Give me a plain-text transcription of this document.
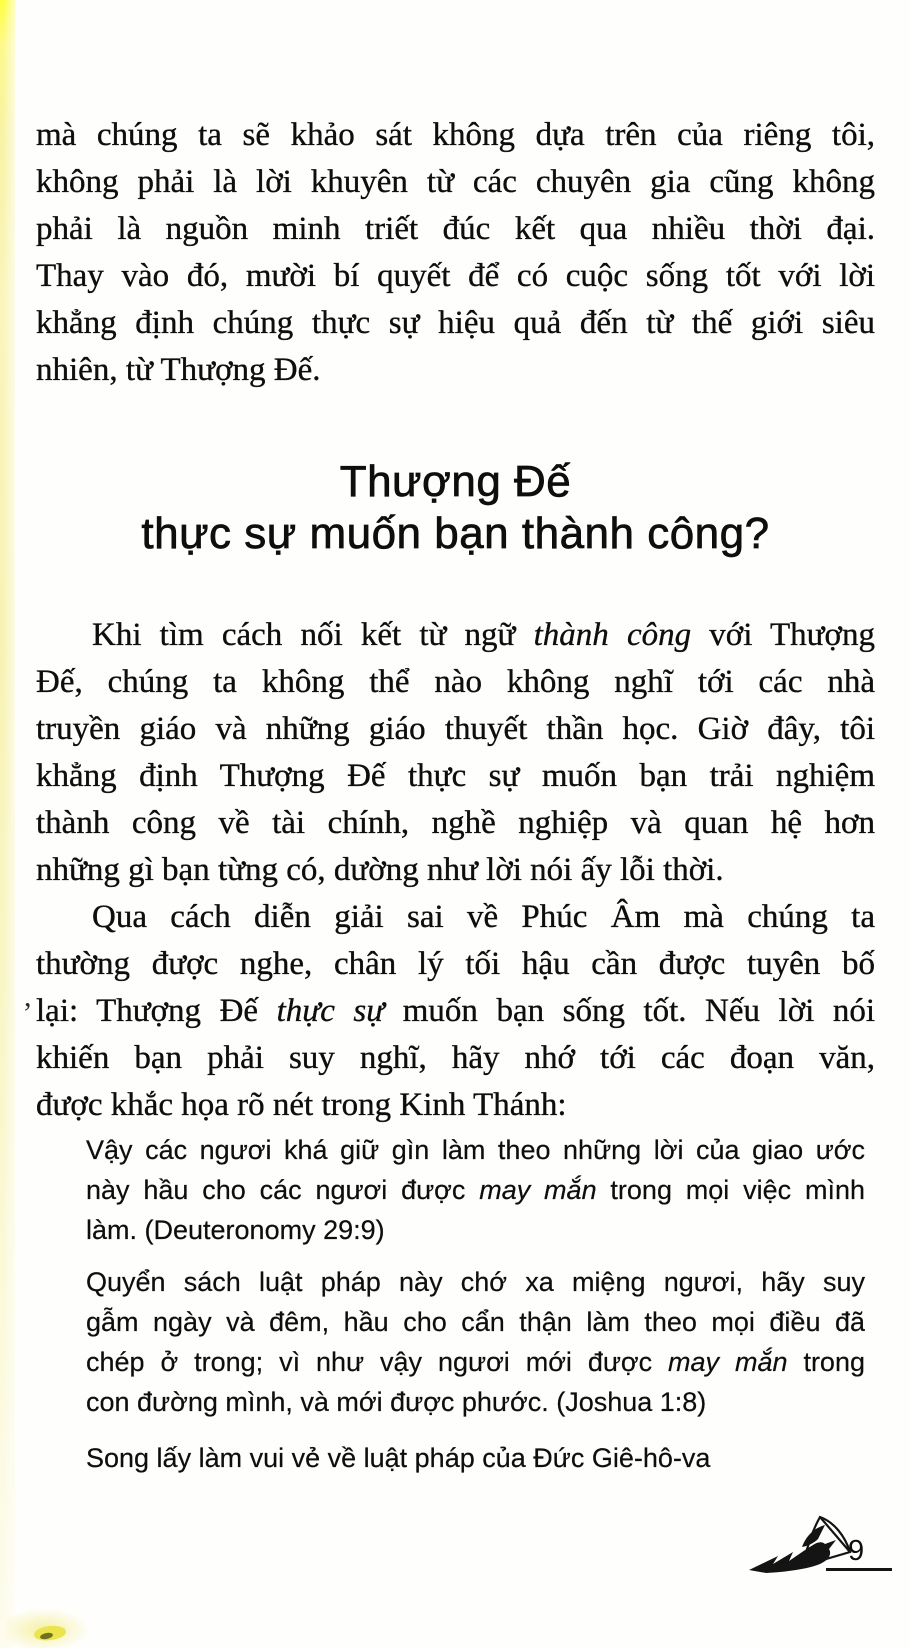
mà chúng ta sẽ khảo sát không dựa trên của riêng tôi,
không phải là lời khuyên từ các chuyên gia cũng không
phải là nguồn minh triết đúc kết qua nhiều thời đại.
Thay vào đó, mười bí quyết để có cuộc sống tốt với lời
khẳng định chúng thực sự hiệu quả đến từ thế giới siêu
nhiên, từ Thượng Đế.
Thượng Đế
thực sự muốn bạn thành công?
Khi tìm cách nối kết từ ngữ thành công với Thượng
Đế, chúng ta không thể nào không nghĩ tới các nhà
truyền giáo và những giáo thuyết thần học. Giờ đây, tôi
khẳng định Thượng Đế thực sự muốn bạn trải nghiệm
thành công về tài chính, nghề nghiệp và quan hệ hơn
những gì bạn từng có, dường như lời nói ấy lỗi thời.
Qua cách diễn giải sai về Phúc Âm mà chúng ta
thường được nghe, chân lý tối hậu cần được tuyên bố
lại: Thượng Đế thực sự muốn bạn sống tốt. Nếu lời nói
khiến bạn phải suy nghĩ, hãy nhớ tới các đoạn văn,
được khắc họa rõ nét trong Kinh Thánh:
Vậy các ngươi khá giữ gìn làm theo những lời của giao ước
này hầu cho các ngươi được may mắn trong mọi việc mình
làm. (Deuteronomy 29:9)
Quyển sách luật pháp này chớ xa miệng ngươi, hãy suy
gẫm ngày và đêm, hầu cho cẩn thận làm theo mọi điều đã
chép ở trong; vì như vậy ngươi mới được may mắn trong
con đường mình, và mới được phước. (Joshua 1:8)
Song lấy làm vui vẻ về luật pháp của Đức Giê-hô-va
,
9
